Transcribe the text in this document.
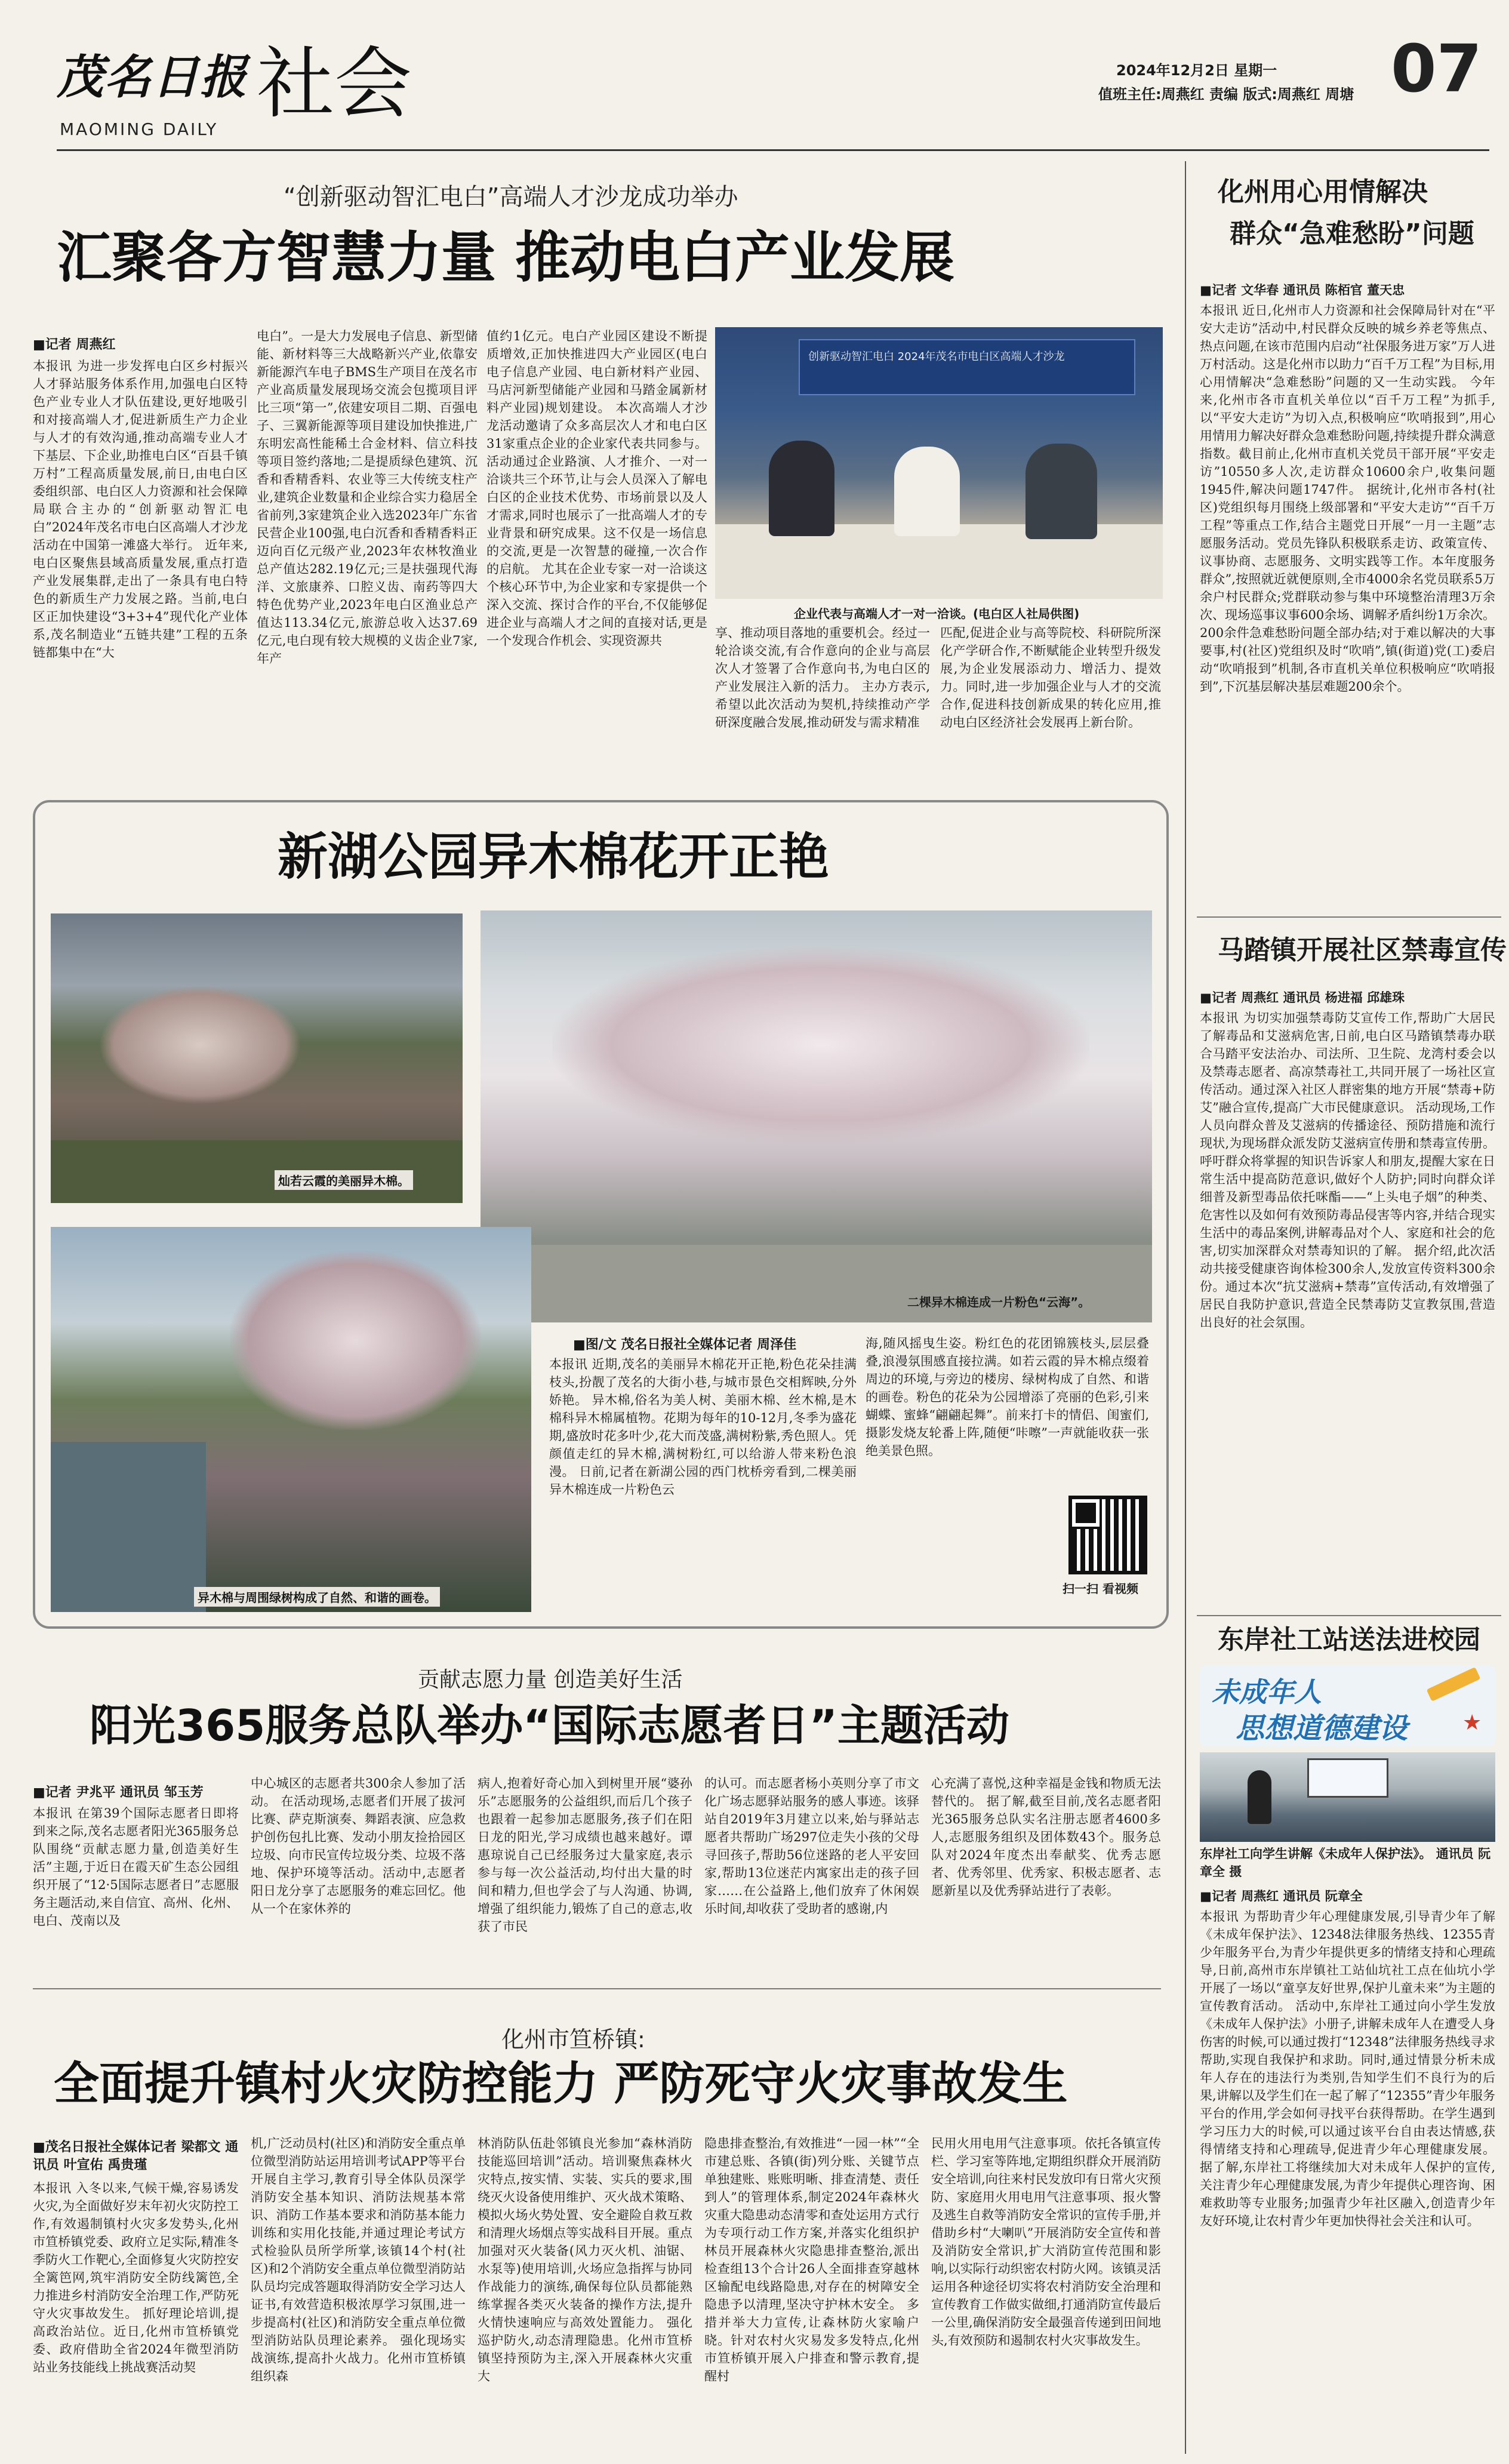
茂名日报
MAOMING DAILY
社会	2024年12月2日 星期一
值班主任:周燕红 责编 版式:周燕红 周塘 07
“创新驱动智汇电白”高端人才沙龙成功举办
汇聚各方智慧力量 推动电白产业发展
■记者 周燕红
本报讯 为进一步发挥电白区乡村振兴人才驿站服务体系作用,加强电白区特色产业专业人才队伍建设,更好地吸引和对接高端人才,促进新质生产力企业与人才的有效沟通,推动高端专业人才下基层、下企业,助推电白区“百县千镇万村”工程高质量发展,前日,由电白区委组织部、电白区人力资源和社会保障局联合主办的“创新驱动智汇电白”2024年茂名市电白区高端人才沙龙活动在中国第一滩盛大举行。 近年来,电白区聚焦县域高质量发展,重点打造产业发展集群,走出了一条具有电白特色的新质生产力发展之路。当前,电白区正加快建设“3+3+4”现代化产业体系,茂名制造业“五链共建”工程的五条链都集中在“大
电白”。一是大力发展电子信息、新型储能、新材料等三大战略新兴产业,依靠安新能源汽车电子BMS生产项目在茂名市产业高质量发展现场交流会包揽项目评比三项“第一”,依建安项目二期、百强电子、三翼新能源等项目建设加快推进,广东明宏高性能稀土合金材料、信立科技等项目签约落地;二是提质绿色建筑、沉香和香精香料、农业等三大传统支柱产业,建筑企业数量和企业综合实力稳居全省前列,3家建筑企业入选2023年广东省民营企业100强,电白沉香和香精香料正迈向百亿元级产业,2023年农林牧渔业总产值达282.19亿元;三是扶强现代海洋、文旅康养、口腔义齿、南药等四大特色优势产业,2023年电白区渔业总产值达113.34亿元,旅游总收入达37.69亿元,电白现有较大规模的义齿企业7家,年产
值约1亿元。电白产业园区建设不断提质增效,正加快推进四大产业园区(电白电子信息产业园、电白新材料产业园、马店河新型储能产业园和马踏金属新材料产业园)规划建设。 本次高端人才沙龙活动邀请了众多高层次人才和电白区31家重点企业的企业家代表共同参与。活动通过企业路演、人才推介、一对一洽谈共三个环节,让与会人员深入了解电白区的企业技术优势、市场前景以及人才需求,同时也展示了一批高端人才的专业背景和研究成果。这不仅是一场信息的交流,更是一次智慧的碰撞,一次合作的启航。 尤其在企业专家一对一洽谈这个核心环节中,为企业家和专家提供一个深入交流、探讨合作的平台,不仅能够促进企业与高端人才之间的直接对话,更是一个发现合作机会、实现资源共
创新驱动智汇电白 2024年茂名市电白区高端人才沙龙
企业代表与高端人才一对一洽谈。(电白区人社局供图)
享、推动项目落地的重要机会。经过一轮洽谈交流,有合作意向的企业与高层次人才签署了合作意向书,为电白区的产业发展注入新的活力。 主办方表示,希望以此次活动为契机,持续推动产学研深度融合发展,推动研发与需求精准
匹配,促进企业与高等院校、科研院所深化产学研合作,不断赋能企业转型升级发展,为企业发展添动力、增活力、提效力。同时,进一步加强企业与人才的交流合作,促进科技创新成果的转化应用,推动电白区经济社会发展再上新台阶。
新湖公园异木棉花开正艳
灿若云霞的美丽异木棉。
二棵异木棉连成一片粉色“云海”。
异木棉与周围绿树构成了自然、和谐的画卷。
■图/文 茂名日报社全媒体记者 周泽佳
本报讯 近期,茂名的美丽异木棉花开正艳,粉色花朵挂满枝头,扮靓了茂名的大街小巷,与城市景色交相辉映,分外娇艳。 异木棉,俗名为美人树、美丽木棉、丝木棉,是木棉科异木棉属植物。花期为每年的10-12月,冬季为盛花期,盛放时花多叶少,花大而茂盛,满树粉紫,秀色照人。凭颜值走红的异木棉,满树粉红,可以给游人带来粉色浪漫。 日前,记者在新湖公园的西门枕桥旁看到,二棵美丽异木棉连成一片粉色云
海,随风摇曳生姿。粉红色的花团锦簇枝头,层层叠叠,浪漫氛围感直接拉满。如若云霞的异木棉点缀着周边的环境,与旁边的楼房、绿树构成了自然、和谐的画卷。粉色的花朵为公园增添了亮丽的色彩,引来蝴蝶、蜜蜂“翩翩起舞”。前来打卡的情侣、闺蜜们,摄影发烧友轮番上阵,随便“咔嚓”一声就能收获一张绝美景色照。
扫一扫 看视频
贡献志愿力量 创造美好生活
阳光365服务总队举办“国际志愿者日”主题活动
■记者 尹兆平 通讯员 邹玉芳
本报讯 在第39个国际志愿者日即将到来之际,茂名志愿者阳光365服务总队围绕“贡献志愿力量,创造美好生活”主题,于近日在霞天矿生态公园组织开展了“12·5国际志愿者日”志愿服务主题活动,来自信宜、高州、化州、电白、茂南以及
中心城区的志愿者共300余人参加了活动。 在活动现场,志愿者们开展了拔河比赛、萨克斯演奏、舞蹈表演、应急救护创伤包扎比赛、发动小朋友捡拾园区垃圾、向市民宣传垃圾分类、垃圾不落地、保护环境等活动。活动中,志愿者阳日龙分享了志愿服务的难忘回忆。他从一个在家休养的
病人,抱着好奇心加入到树里开展“婆孙乐”志愿服务的公益组织,而后几个孩子也跟着一起参加志愿服务,孩子们在阳日龙的阳光,学习成绩也越来越好。谭惠琼说自己已经服务过大量家庭,表示参与每一次公益活动,均付出大量的时间和精力,但也学会了与人沟通、协调,增强了组织能力,锻炼了自己的意志,收获了市民
的认可。而志愿者杨小英则分享了市文化广场志愿驿站服务的感人事迹。该驿站自2019年3月建立以来,始与驿站志愿者共帮助广场297位走失小孩的父母寻回孩子,帮助56位迷路的老人平安回家,帮助13位迷茫内寓家出走的孩子回家……在公益路上,他们放弃了休闲娱乐时间,却收获了受助者的感谢,内
心充满了喜悦,这种幸福是金钱和物质无法替代的。 据了解,截至目前,茂名志愿者阳光365服务总队实名注册志愿者4600多人,志愿服务组织及团体数43个。服务总队对2024年度杰出奉献奖、优秀志愿者、优秀邻里、优秀家、积极志愿者、志愿新星以及优秀驿站进行了表彰。
化州市笪桥镇:
全面提升镇村火灾防控能力 严防死守火灾事故发生
■茂名日报社全媒体记者 梁都文 通讯员 叶宣佑 禹贵瑾
本报讯 入冬以来,气候干燥,容易诱发火灾,为全面做好岁末年初火灾防控工作,有效遏制镇村火灾多发势头,化州市笪桥镇党委、政府立足实际,精准冬季防火工作靶心,全面修复火灾防控安全篱笆网,筑牢消防安全防线篱笆,全力推进乡村消防安全治理工作,严防死守火灾事故发生。 抓好理论培训,提高政治站位。近日,化州市笪桥镇党委、政府借助全省2024年微型消防站业务技能线上挑战赛活动契
机,广泛动员村(社区)和消防安全重点单位微型消防站运用培训考试APP等平台开展自主学习,教育引导全体队员深学消防安全基本知识、消防法规基本常识、消防工作基本要求和消防基本能力训练和实用化技能,并通过理论考试方式检验队员所学所掌,该镇14个村(社区)和2个消防安全重点单位微型消防站队员均完成答题取得消防安全学习达人证书,有效营造积极浓厚学习氛围,进一步提高村(社区)和消防安全重点单位微型消防站队员理论素养。 强化现场实战演练,提高扑火战力。化州市笪桥镇组织森
林消防队伍赴邻镇良光参加“森林消防技能巡回培训”活动。培训聚焦森林火灾特点,按实情、实装、实兵的要求,围绕灭火设备使用维护、灭火战术策略、模拟火场火势处置、安全避险自救互救和清理火场烟点等实战科目开展。重点加强对灭火装备(风力灭火机、油锯、水泵等)使用培训,火场应急指挥与协同作战能力的演练,确保每位队员都能熟练掌握各类灭火装备的操作方法,提升火情快速响应与高效处置能力。 强化巡护防火,动态清理隐患。化州市笪桥镇坚持预防为主,深入开展森林火灾重大
隐患排查整治,有效推进“一园一林”“全市建总账、各镇(街)列分账、关键节点单独建账、账账明晰、排查清楚、责任到人”的管理体系,制定2024年森林火灾重大隐患动态清零和查处运用方式行为专项行动工作方案,并落实化组织护林员开展森林火灾隐患排查整治,派出检查组13个合计26人全面排查穿越林区输配电线路隐患,对存在的树障安全隐患予以清理,坚决守护林木安全。 多措并举大力宣传,让森林防火家喻户晓。针对农村火灾易发多发特点,化州市笪桥镇开展入户排查和警示教育,提醒村
民用火用电用气注意事项。依托各镇宣传栏、学习室等阵地,定期组织群众开展消防安全培训,向往来村民发放印有日常火灾预防、家庭用火用电用气注意事项、报火警及逃生自救等消防安全常识的宣传手册,并借助乡村“大喇叭”开展消防安全宣传和普及消防安全常识,扩大消防宣传范围和影响,以实际行动织密农村防火网。该镇灵活运用各种途径切实将农村消防安全治理和宣传教育工作做实做细,打通消防宣传最后一公里,确保消防安全最强音传递到田间地头,有效预防和遏制农村火灾事故发生。
化州用心用情解决
群众“急难愁盼”问题
■记者 文华春 通讯员 陈栢官 董天忠
本报讯 近日,化州市人力资源和社会保障局针对在“平安大走访”活动中,村民群众反映的城乡养老等焦点、热点问题,在该市范围内启动“社保服务进万家”万人进万村活动。这是化州市以助力“百千万工程”为目标,用心用情解决“急难愁盼”问题的又一生动实践。 今年来,化州市各市直机关单位以“百千万工程”为抓手,以“平安大走访”为切入点,积极响应“吹哨报到”,用心用情用力解决好群众急难愁盼问题,持续提升群众满意指数。截目前止,化州市直机关党员干部开展“平安走访”10550多人次,走访群众10600余户,收集问题1945件,解决问题1747件。 据统计,化州市各村(社区)党组织每月围绕上级部署和“平安大走访”“百千万工程”等重点工作,结合主题党日开展“一月一主题”志愿服务活动。党员先锋队积极联系走访、政策宣传、议事协商、志愿服务、文明实践等工作。本年度服务群众”,按照就近就便原则,全市4000余名党员联系5万余户村民群众;党群联动参与集中环境整治清理3万余次、现场巡事议事600余场、调解矛盾纠纷1万余次。200余件急难愁盼问题全部办结;对于难以解决的大事要事,村(社区)党组织及时“吹哨”,镇(街道)党(工)委启动“吹哨报到”机制,各市直机关单位积极响应“吹哨报到”,下沉基层解决基层难题200余个。
马踏镇开展社区禁毒宣传
■记者 周燕红 通讯员 杨进福 邱雄珠
本报讯 为切实加强禁毒防艾宣传工作,帮助广大居民了解毒品和艾滋病危害,日前,电白区马踏镇禁毒办联合马踏平安法治办、司法所、卫生院、龙湾村委会以及禁毒志愿者、高凉禁毒社工,共同开展了一场社区宣传活动。通过深入社区人群密集的地方开展“禁毒+防艾”融合宣传,提高广大市民健康意识。 活动现场,工作人员向群众普及艾滋病的传播途径、预防措施和流行现状,为现场群众派发防艾滋病宣传册和禁毒宣传册。呼吁群众将掌握的知识告诉家人和朋友,提醒大家在日常生活中提高防范意识,做好个人防护;同时向群众详细普及新型毒品依托咪酯——“上头电子烟”的种类、危害性以及如何有效预防毒品侵害等内容,并结合现实生活中的毒品案例,讲解毒品对个人、家庭和社会的危害,切实加深群众对禁毒知识的了解。 据介绍,此次活动共接受健康咨询体检300余人,发放宣传资料300余份。通过本次“抗艾滋病+禁毒”宣传活动,有效增强了居民自我防护意识,营造全民禁毒防艾宣教氛围,营造出良好的社会氛围。
东岸社工站送法进校园
未成年人
思想道德建设	★
东岸社工向学生讲解《未成年人保护法》。 通讯员 阮章全 摄
■记者 周燕红 通讯员 阮章全
本报讯 为帮助青少年心理健康发展,引导青少年了解《未成年保护法》、12348法律服务热线、12355青少年服务平台,为青少年提供更多的情绪支持和心理疏导,日前,高州市东岸镇社工站仙坑社工点在仙坑小学开展了一场以“童享友好世界,保护儿童未来”为主题的宣传教育活动。 活动中,东岸社工通过向小学生发放《未成年人保护法》小册子,讲解未成年人在遭受人身伤害的时候,可以通过拨打“12348”法律服务热线寻求帮助,实现自我保护和求助。同时,通过情景分析未成年人存在的违法行为类别,告知学生们不良行为的后果,讲解以及学生们在一起了解了“12355”青少年服务平台的作用,学会如何寻找平台获得帮助。在学生遇到学习压力大的时候,可以通过该平台自由表达情感,获得情绪支持和心理疏导,促进青少年心理健康发展。 据了解,东岸社工将继续加大对未成年人保护的宣传,关注青少年心理健康发展,为青少年提供心理咨询、困难救助等专业服务;加强青少年社区融入,创造青少年友好环境,让农村青少年更加快得社会关注和认可。
